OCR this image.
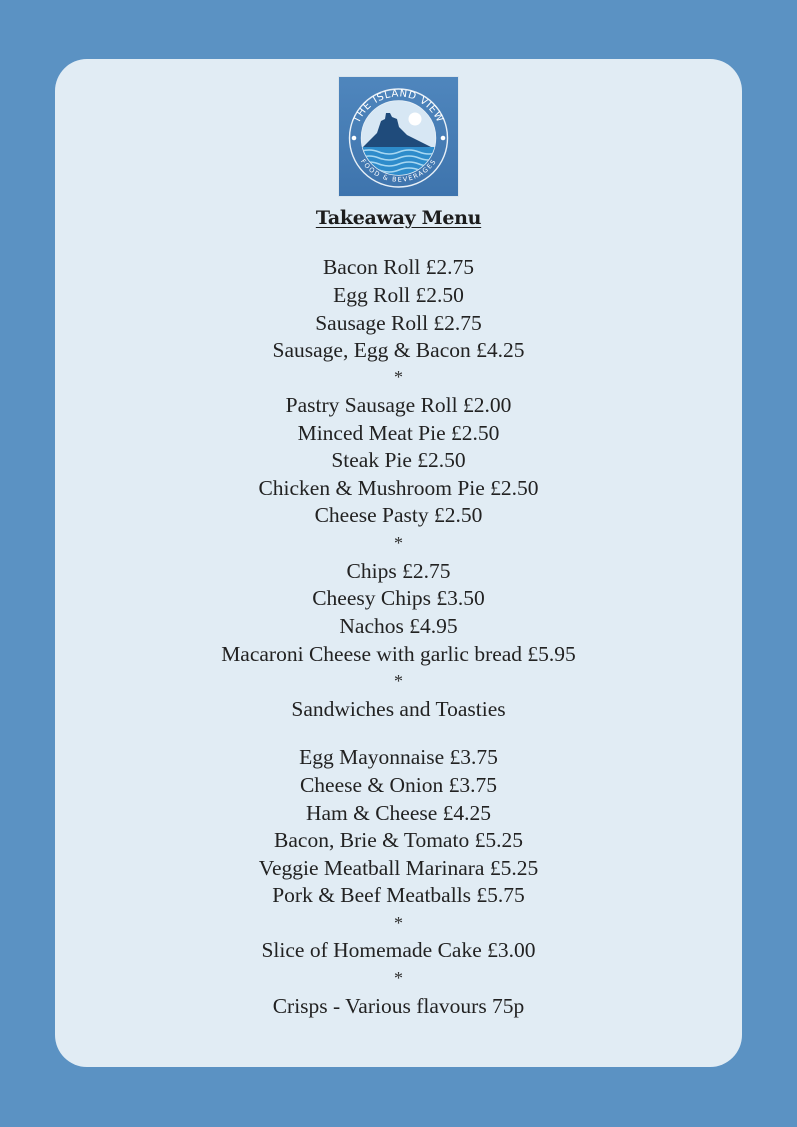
THE ISLAND VIEW
FOOD & BEVERAGES
Takeaway Menu
Bacon Roll £2.75
Egg Roll £2.50
Sausage Roll £2.75
Sausage, Egg & Bacon £4.25
*
Pastry Sausage Roll £2.00
Minced Meat Pie £2.50
Steak Pie £2.50
Chicken & Mushroom Pie £2.50
Cheese Pasty £2.50
*
Chips £2.75
Cheesy Chips £3.50
Nachos £4.95
Macaroni Cheese with garlic bread £5.95
*
Sandwiches and Toasties
Egg Mayonnaise £3.75
Cheese & Onion £3.75
Ham & Cheese £4.25
Bacon, Brie & Tomato £5.25
Veggie Meatball Marinara £5.25
Pork & Beef Meatballs £5.75
*
Slice of Homemade Cake £3.00
*
Crisps - Various flavours 75p
